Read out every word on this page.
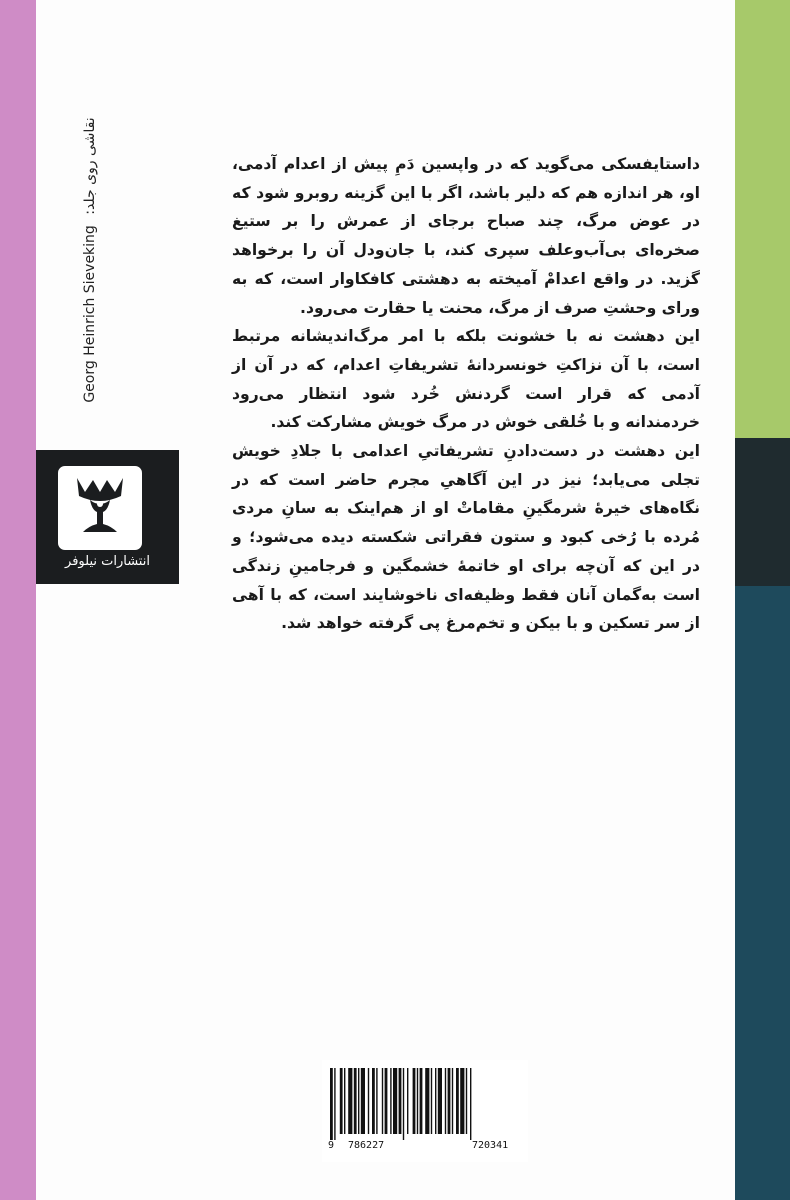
Georg Heinrich Sieveking نقاشی روی جلد:
انتشارات نیلوفر

داستایفسکی می‌گوید که در واپسین دَمِ پیش از اعدام آدمی، او، هر اندازه هم که دلیر باشد، اگر با این گزینه روبرو شود که در عوض مرگ، چند صباح برجای از عمرش را بر ستیغ صخره‌ای بی‌آب‌وعلف سپری کند، با جان‌ودل آن را برخواهد گزید. در واقع اعدامْ آمیخته به دهشتی کافکاوار است، که به ورای وحشتِ صرف از مرگ، محنت یا حقارت می‌رود.

این دهشت نه با خشونت بلکه با امر مرگ‌اندیشانه مرتبط است، با آن نزاکتِ خونسردانهٔ تشریفاتِ اعدام، که در آن از آدمی که قرار است گردنش خُرد شود انتظار می‌رود خردمندانه و با خُلقی خوش در مرگ خویش مشارکت کند.

این دهشت در دست‌دادنِ تشریفاتیِ اعدامی با جلادِ خویش تجلی می‌یابد؛ نیز در این آگاهیِ مجرم حاضر است که در نگاه‌های خیرهٔ شرمگینِ مقاماتْ او از هم‌اینک به سانِ مردی مُرده با رُخی کبود و ستون فقراتی شکسته دیده می‌شود؛ و در این که آن‌چه برای او خاتمهٔ خشمگین و فرجامینِ زندگی است به‌گمان آنان فقط وظیفه‌ای ناخوشایند است، که با آهی از سر تسکین و با بیکن و تخم‌مرغ پی گرفته خواهد شد.

9 786227	720341
